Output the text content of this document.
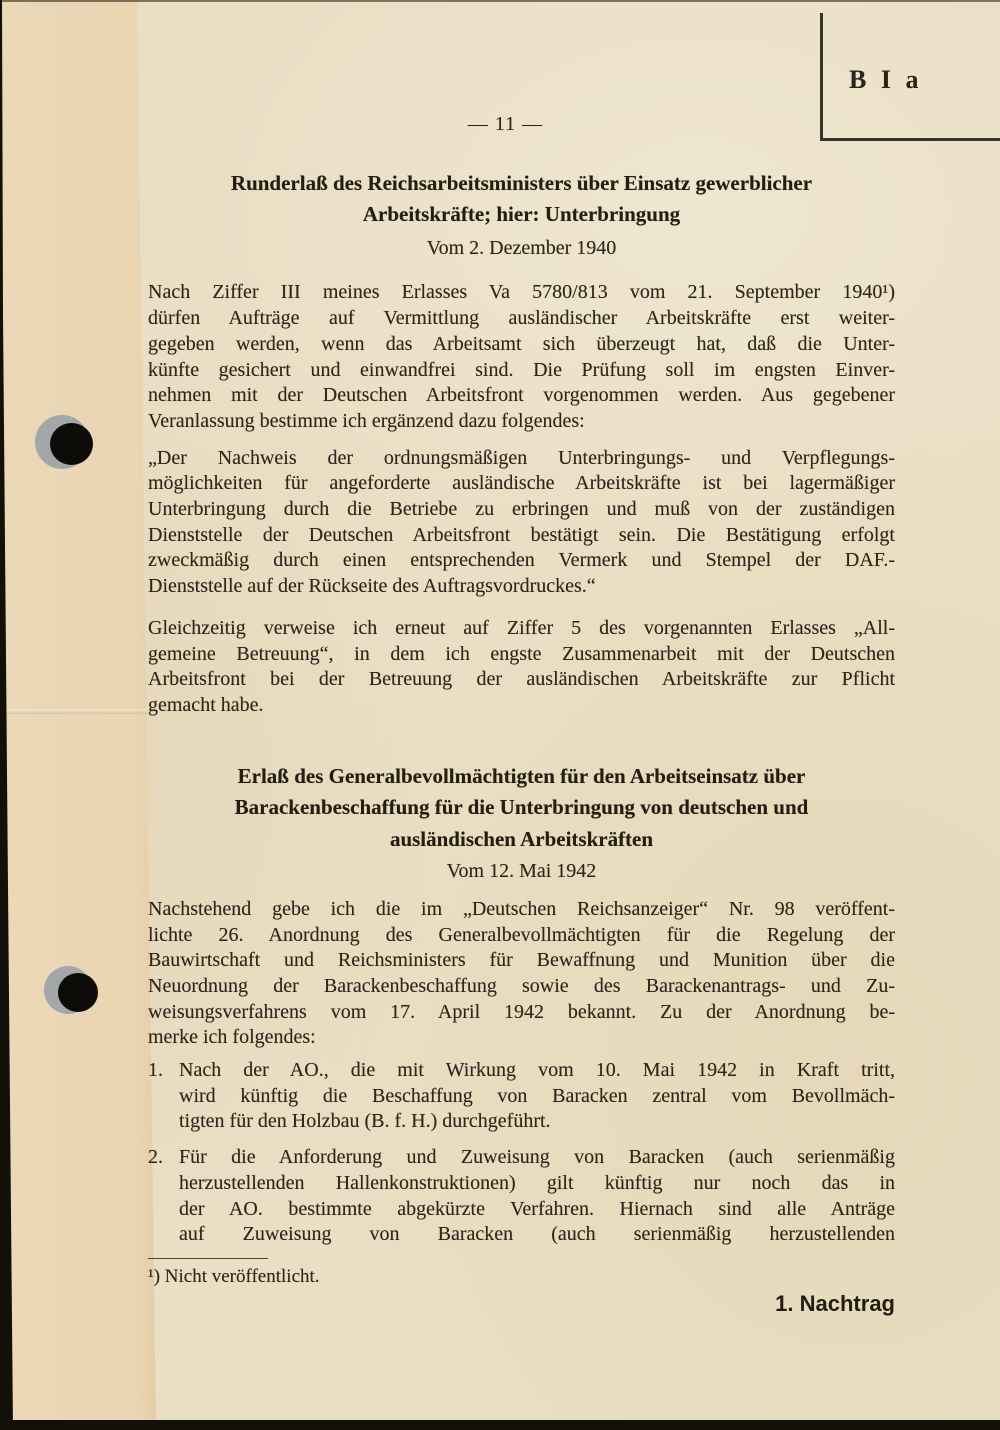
B I a
— 11 —
Runderlaß des Reichsarbeitsministers über Einsatz gewerblicher
Arbeitskräfte; hier: Unterbringung
Vom 2. Dezember 1940
Nach Ziffer III meines Erlasses Va 5780/813 vom 21. September 1940¹)
dürfen Aufträge auf Vermittlung ausländischer Arbeitskräfte erst weiter-
gegeben werden, wenn das Arbeitsamt sich überzeugt hat, daß die Unter-
künfte gesichert und einwandfrei sind. Die Prüfung soll im engsten Einver-
nehmen mit der Deutschen Arbeitsfront vorgenommen werden. Aus gegebener
Veranlassung bestimme ich ergänzend dazu folgendes:
„Der Nachweis der ordnungsmäßigen Unterbringungs- und Verpflegungs-
möglichkeiten für angeforderte ausländische Arbeitskräfte ist bei lagermäßiger
Unterbringung durch die Betriebe zu erbringen und muß von der zuständigen
Dienststelle der Deutschen Arbeitsfront bestätigt sein. Die Bestätigung erfolgt
zweckmäßig durch einen entsprechenden Vermerk und Stempel der DAF.-
Dienststelle auf der Rückseite des Auftragsvordruckes.“
Gleichzeitig verweise ich erneut auf Ziffer 5 des vorgenannten Erlasses „All-
gemeine Betreuung“, in dem ich engste Zusammenarbeit mit der Deutschen
Arbeitsfront bei der Betreuung der ausländischen Arbeitskräfte zur Pflicht
gemacht habe.
Erlaß des Generalbevollmächtigten für den Arbeitseinsatz über
Barackenbeschaffung für die Unterbringung von deutschen und
ausländischen Arbeitskräften
Vom 12. Mai 1942
Nachstehend gebe ich die im „Deutschen Reichsanzeiger“ Nr. 98 veröffent-
lichte 26. Anordnung des Generalbevollmächtigten für die Regelung der
Bauwirtschaft und Reichsministers für Bewaffnung und Munition über die
Neuordnung der Barackenbeschaffung sowie des Barackenantrags- und Zu-
weisungsverfahrens vom 17. April 1942 bekannt. Zu der Anordnung be-
merke ich folgendes:
1. Nach der AO., die mit Wirkung vom 10. Mai 1942 in Kraft tritt,
wird künftig die Beschaffung von Baracken zentral vom Bevollmäch-
tigten für den Holzbau (B. f. H.) durchgeführt.
2. Für die Anforderung und Zuweisung von Baracken (auch serienmäßig
herzustellenden Hallenkonstruktionen) gilt künftig nur noch das in
der AO. bestimmte abgekürzte Verfahren. Hiernach sind alle Anträge
auf Zuweisung von Baracken (auch serienmäßig herzustellenden
¹) Nicht veröffentlicht.
1. Nachtrag
